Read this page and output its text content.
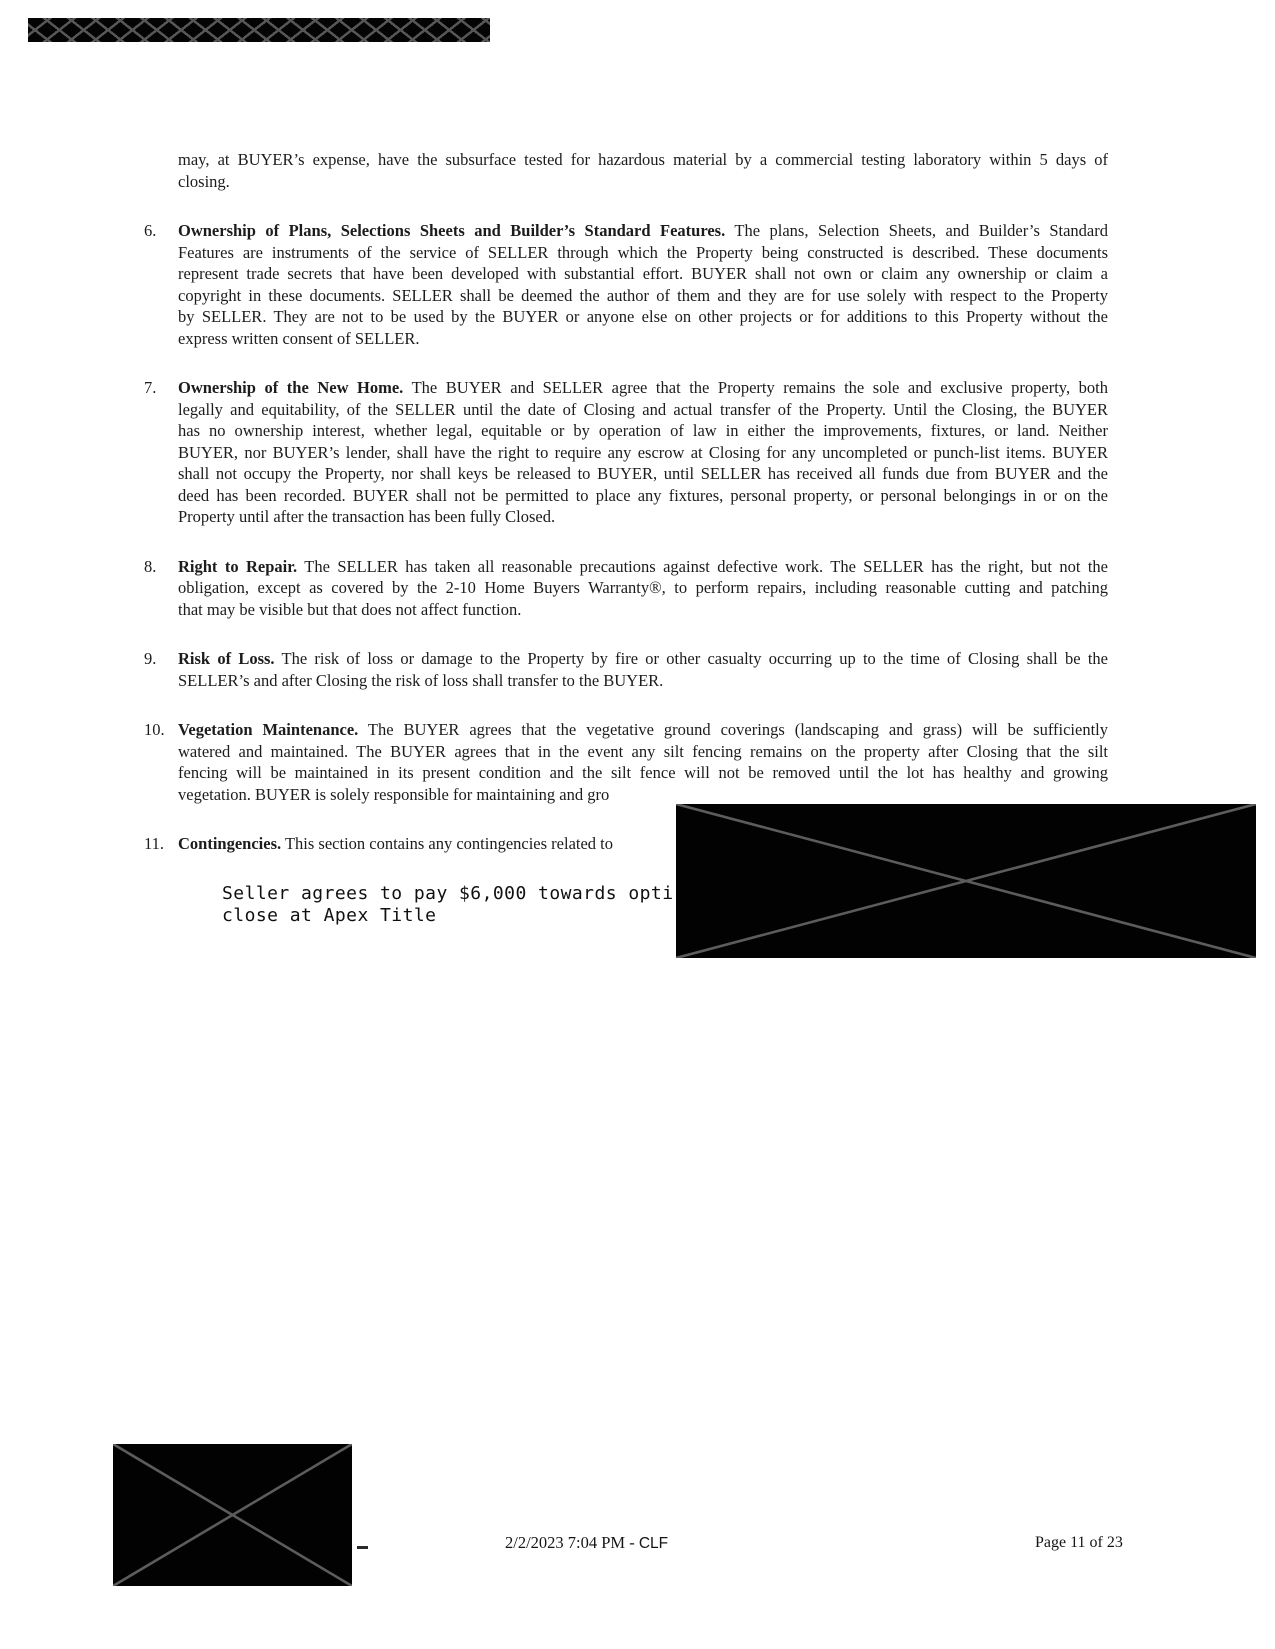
may, at BUYER’s expense, have the subsurface tested for hazardous material by a commercial testing laboratory within 5 days of
closing.
6. Ownership of Plans, Selections Sheets and Builder’s Standard Features. The plans, Selection Sheets, and Builder’s Standard
Features are instruments of the service of SELLER through which the Property being constructed is described. These documents
represent trade secrets that have been developed with substantial effort. BUYER shall not own or claim any ownership or claim a
copyright in these documents. SELLER shall be deemed the author of them and they are for use solely with respect to the Property
by SELLER. They are not to be used by the BUYER or anyone else on other projects or for additions to this Property without the
express written consent of SELLER.
7. Ownership of the New Home. The BUYER and SELLER agree that the Property remains the sole and exclusive property, both
legally and equitability, of the SELLER until the date of Closing and actual transfer of the Property. Until the Closing, the BUYER
has no ownership interest, whether legal, equitable or by operation of law in either the improvements, fixtures, or land. Neither
BUYER, nor BUYER’s lender, shall have the right to require any escrow at Closing for any uncompleted or punch-list items. BUYER
shall not occupy the Property, nor shall keys be released to BUYER, until SELLER has received all funds due from BUYER and the
deed has been recorded. BUYER shall not be permitted to place any fixtures, personal property, or personal belongings in or on the
Property until after the transaction has been fully Closed.
8. Right to Repair. The SELLER has taken all reasonable precautions against defective work. The SELLER has the right, but not the
obligation, except as covered by the 2-10 Home Buyers Warranty®, to perform repairs, including reasonable cutting and patching
that may be visible but that does not affect function.
9. Risk of Loss. The risk of loss or damage to the Property by fire or other casualty occurring up to the time of Closing shall be the
SELLER’s and after Closing the risk of loss shall transfer to the BUYER.
10. Vegetation Maintenance. The BUYER agrees that the vegetative ground coverings (landscaping and grass) will be sufficiently
watered and maintained. The BUYER agrees that in the event any silt fencing remains on the property after Closing that the silt
fencing will be maintained in its present condition and the silt fence will not be removed until the lot has healthy and growing
vegetation. BUYER is solely responsible for maintaining and gro
11. Contingencies. This section contains any contingencies related to
Seller agrees to pay $6,000 towards opti
close at Apex Title
2/2/2023 7:04 PM - CLF	Page 11 of 23
